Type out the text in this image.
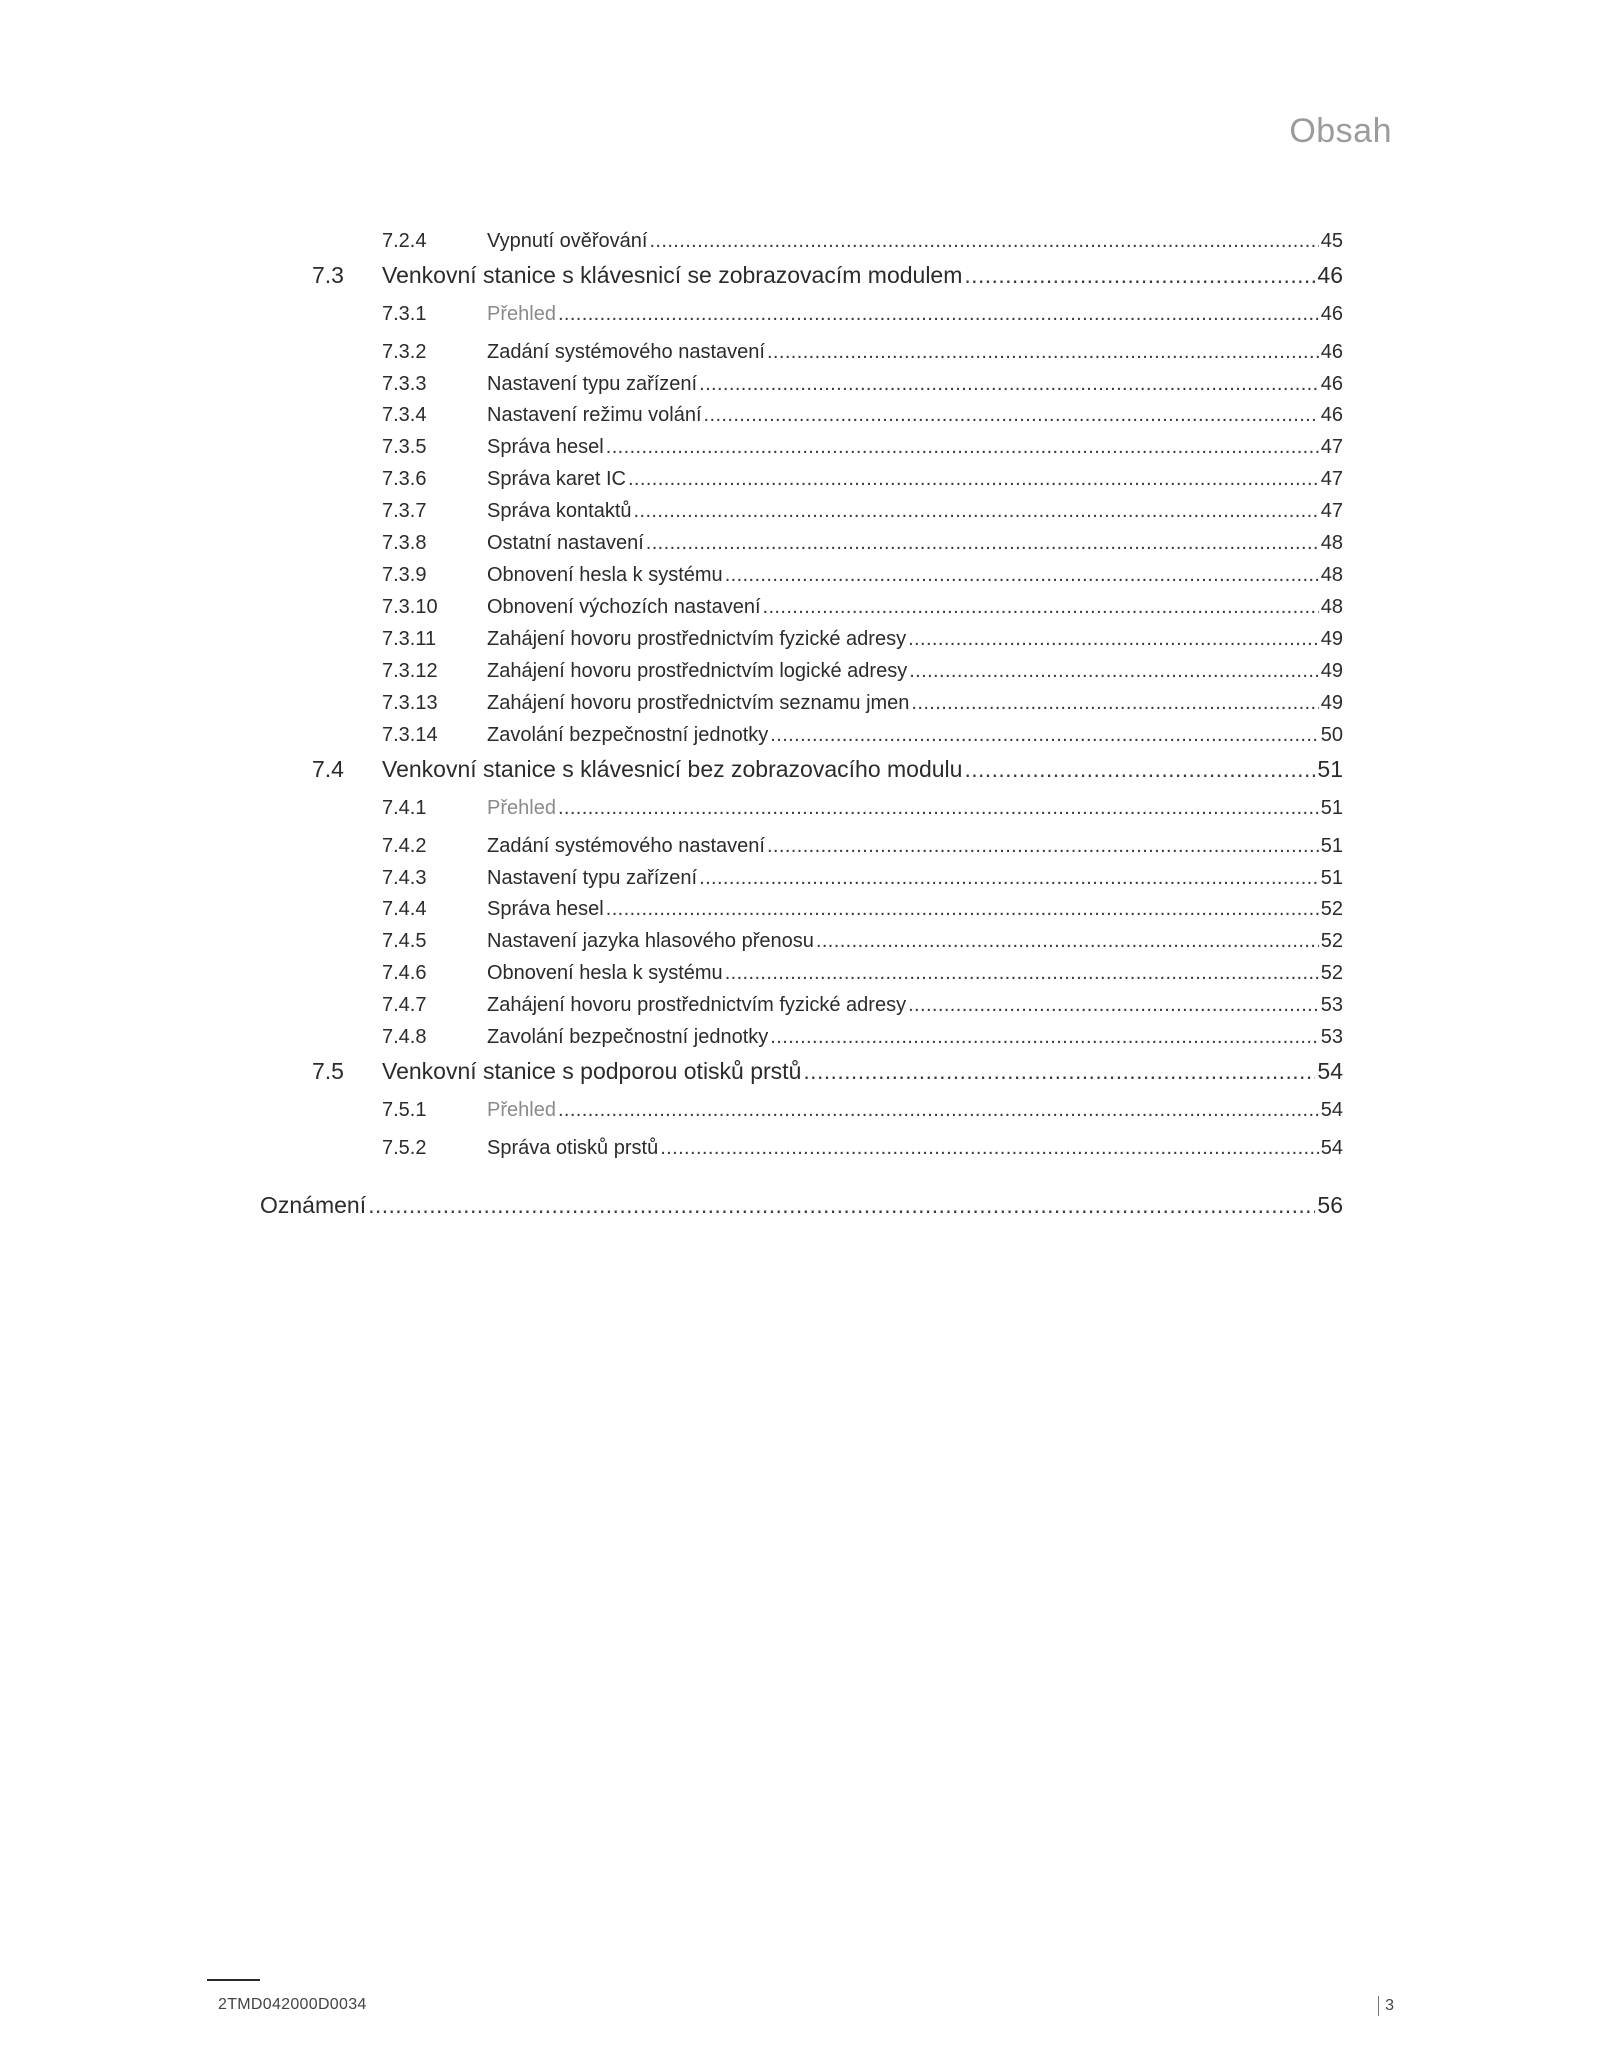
Obsah
7.2.4	Vypnutí ověřování .....	45
7.3 Venkovní stanice s klávesnicí se zobrazovacím modulem .....	46
7.3.1	Přehled .....	46
7.3.2	Zadání systémového nastavení .....	46
7.3.3	Nastavení typu zařízení .....	46
7.3.4	Nastavení režimu volání .....	46
7.3.5	Správa hesel .....	47
7.3.6	Správa karet IC .....	47
7.3.7	Správa kontaktů .....	47
7.3.8	Ostatní nastavení .....	48
7.3.9	Obnovení hesla k systému .....	48
7.3.10 Obnovení výchozích nastavení .....	48
7.3.11	Zahájení hovoru prostřednictvím fyzické adresy .....	49
7.3.12 Zahájení hovoru prostřednictvím logické adresy .....	49
7.3.13 Zahájení hovoru prostřednictvím seznamu jmen .....	49
7.3.14 Zavolání bezpečnostní jednotky .....	50
7.4 Venkovní stanice s klávesnicí bez zobrazovacího modulu .....	51
7.4.1	Přehled .....	51
7.4.2	Zadání systémového nastavení .....	51
7.4.3	Nastavení typu zařízení .....	51
7.4.4	Správa hesel .....	52
7.4.5	Nastavení jazyka hlasového přenosu .....	52
7.4.6	Obnovení hesla k systému .....	52
7.4.7	Zahájení hovoru prostřednictvím fyzické adresy .....	53
7.4.8	Zavolání bezpečnostní jednotky .....	53
7.5 Venkovní stanice s podporou otisků prstů .....	54
7.5.1	Přehled .....	54
7.5.2	Správa otisků prstů .....	54
Oznámení .....	56
2TMD042000D0034	3
